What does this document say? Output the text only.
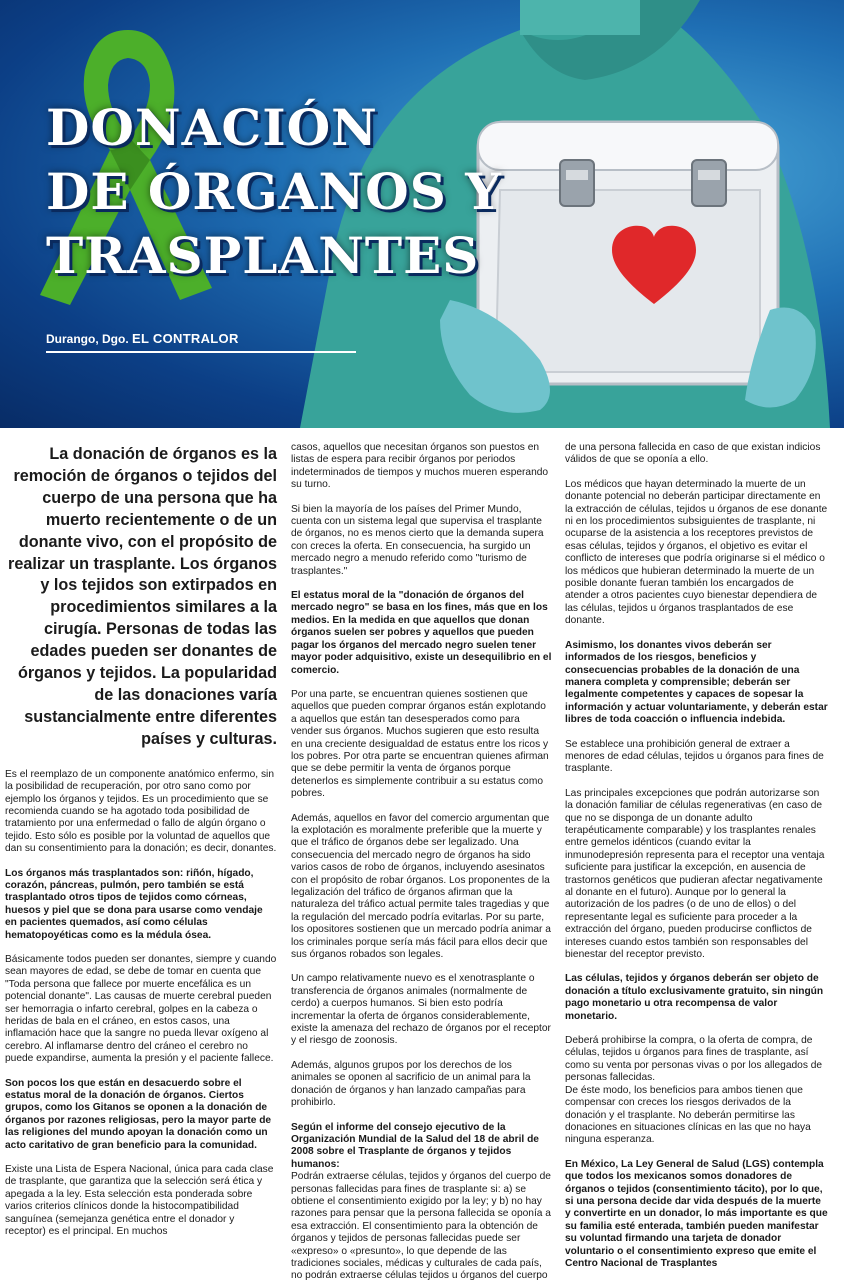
DONACIÓN
DE ÓRGANOS Y
TRASPLANTES
Durango, Dgo. EL CONTRALOR

La donación de órganos es la remoción de órganos o tejidos del cuerpo de una persona que ha muerto recientemente o de un donante vivo, con el propósito de realizar un trasplante. Los órganos y los tejidos son extirpados en procedimientos similares a la cirugía. Personas de todas las edades pueden ser donantes de órganos y tejidos. La popularidad de las donaciones varía sustancialmente entre diferentes países y culturas.

Es el reemplazo de un componente anatómico enfermo, sin la posibilidad de recuperación, por otro sano como por ejemplo los órganos y tejidos. Es un procedimiento que se recomienda cuando se ha agotado toda posibilidad de tratamiento por una enfermedad o fallo de algún órgano o tejido. Esto sólo es posible por la voluntad de aquellos que dan su consentimiento para la donación; es decir, donantes.

Los órganos más trasplantados son: riñón, hígado, corazón, páncreas, pulmón, pero también se está trasplantado otros tipos de tejidos como córneas, huesos y piel que se dona para usarse como vendaje en pacientes quemados, así como células hematopoyéticas como es la médula ósea.

Básicamente todos pueden ser donantes, siempre y cuando sean mayores de edad, se debe de tomar en cuenta que "Toda persona que fallece por muerte encefálica es un potencial donante". Las causas de muerte cerebral pueden ser hemorragia o infarto cerebral, golpes en la cabeza o heridas de bala en el cráneo, en estos casos, una inflamación hace que la sangre no pueda llevar oxígeno al cerebro. Al inflamarse dentro del cráneo el cerebro no puede expandirse, aumenta la presión y el paciente fallece.

Son pocos los que están en desacuerdo sobre el estatus moral de la donación de órganos. Ciertos grupos, como los Gitanos se oponen a la donación de órganos por razones religiosas, pero la mayor parte de las religiones del mundo apoyan la donación como un acto caritativo de gran beneficio para la comunidad.

Existe una Lista de Espera Nacional, única para cada clase de trasplante, que garantiza que la selección será ética y apegada a la ley. Esta selección esta ponderada sobre varios criterios clínicos donde la histocompatibilidad sanguínea (semejanza genética entre el donador y receptor) es el principal. En muchos

casos, aquellos que necesitan órganos son puestos en listas de espera para recibir órganos por periodos indeterminados de tiempos y muchos mueren esperando su turno.

Si bien la mayoría de los países del Primer Mundo, cuenta con un sistema legal que supervisa el trasplante de órganos, no es menos cierto que la demanda supera con creces la oferta. En consecuencia, ha surgido un mercado negro a menudo referido como "turismo de trasplantes."

El estatus moral de la "donación de órganos del mercado negro" se basa en los fines, más que en los medios. En la medida en que aquellos que donan órganos suelen ser pobres y aquellos que pueden pagar los órganos del mercado negro suelen tener mayor poder adquisitivo, existe un desequilibrio en el comercio.

Por una parte, se encuentran quienes sostienen que aquellos que pueden comprar órganos están explotando a aquellos que están tan desesperados como para vender sus órganos. Muchos sugieren que esto resulta en una creciente desigualdad de estatus entre los ricos y los pobres. Por otra parte se encuentran quienes afirman que se debe permitir la venta de órganos porque detenerlos es simplemente contribuir a su estatus como pobres.

Además, aquellos en favor del comercio argumentan que la explotación es moralmente preferible que la muerte y que el tráfico de órganos debe ser legalizado. Una consecuencia del mercado negro de órganos ha sido varios casos de robo de órganos, incluyendo asesinatos con el propósito de robar órganos. Los proponentes de la legalización del tráfico de órganos afirman que la naturaleza del tráfico actual permite tales tragedias y que la regulación del mercado podría evitarlas. Por su parte, los opositores sostienen que un mercado podría animar a los criminales porque sería más fácil para ellos decir que sus órganos robados son legales.

Un campo relativamente nuevo es el xenotrasplante o transferencia de órganos animales (normalmente de cerdo) a cuerpos humanos. Si bien esto podría incrementar la oferta de órganos considerablemente, existe la amenaza del rechazo de órganos por el receptor y el riesgo de zoonosis.

Además, algunos grupos por los derechos de los animales se oponen al sacrificio de un animal para la donación de órganos y han lanzado campañas para prohibirlo.

Según el informe del consejo ejecutivo de la Organización Mundial de la Salud del 18 de abril de 2008 sobre el Trasplante de órganos y tejidos humanos:
Podrán extraerse células, tejidos y órganos del cuerpo de personas fallecidas para fines de trasplante si: a) se obtiene el consentimiento exigido por la ley; y b) no hay razones para pensar que la persona fallecida se oponía a esa extracción. El consentimiento para la obtención de órganos y tejidos de personas fallecidas puede ser «expreso» o «presunto», lo que depende de las tradiciones sociales, médicas y culturales de cada país, no podrán extraerse células tejidos u órganos del cuerpo

de una persona fallecida en caso de que existan indicios válidos de que se oponía a ello.

Los médicos que hayan determinado la muerte de un donante potencial no deberán participar directamente en la extracción de células, tejidos u órganos de ese donante ni en los procedimientos subsiguientes de trasplante, ni ocuparse de la asistencia a los receptores previstos de esas células, tejidos y órganos, el objetivo es evitar el conflicto de intereses que podría originarse si el médico o los médicos que hubieran determinado la muerte de un posible donante fueran también los encargados de atender a otros pacientes cuyo bienestar dependiera de las células, tejidos u órganos trasplantados de ese donante.

Asimismo, los donantes vivos deberán ser informados de los riesgos, beneficios y consecuencias probables de la donación de una manera completa y comprensible; deberán ser legalmente competentes y capaces de sopesar la información y actuar voluntariamente, y deberán estar libres de toda coacción o influencia indebida.

Se establece una prohibición general de extraer a menores de edad células, tejidos u órganos para fines de trasplante.

Las principales excepciones que podrán autorizarse son la donación familiar de células regenerativas (en caso de que no se disponga de un donante adulto terapéuticamente comparable) y los trasplantes renales entre gemelos idénticos (cuando evitar la inmunodepresión representa para el receptor una ventaja suficiente para justificar la excepción, en ausencia de trastornos genéticos que pudieran afectar negativamente al donante en el futuro). Aunque por lo general la autorización de los padres (o de uno de ellos) o del representante legal es suficiente para proceder a la extracción del órgano, pueden producirse conflictos de intereses cuando estos también son responsables del bienestar del receptor previsto.

Las células, tejidos y órganos deberán ser objeto de donación a título exclusivamente gratuito, sin ningún pago monetario u otra recompensa de valor monetario.

Deberá prohibirse la compra, o la oferta de compra, de células, tejidos u órganos para fines de trasplante, así como su venta por personas vivas o por los allegados de personas fallecidas.

De éste modo, los beneficios para ambos tienen que compensar con creces los riesgos derivados de la donación y el trasplante. No deberán permitirse las donaciones en situaciones clínicas en las que no haya ninguna esperanza.

En México, La Ley General de Salud (LGS) contempla que todos los mexicanos somos donadores de órganos o tejidos (consentimiento tácito), por lo que, si una persona decide dar vida después de la muerte y convertirte en un donador, lo más importante es que su familia esté enterada, también pueden manifestar su voluntad firmando una tarjeta de donador voluntario o el consentimiento expreso que emite el Centro Nacional de Trasplantes
